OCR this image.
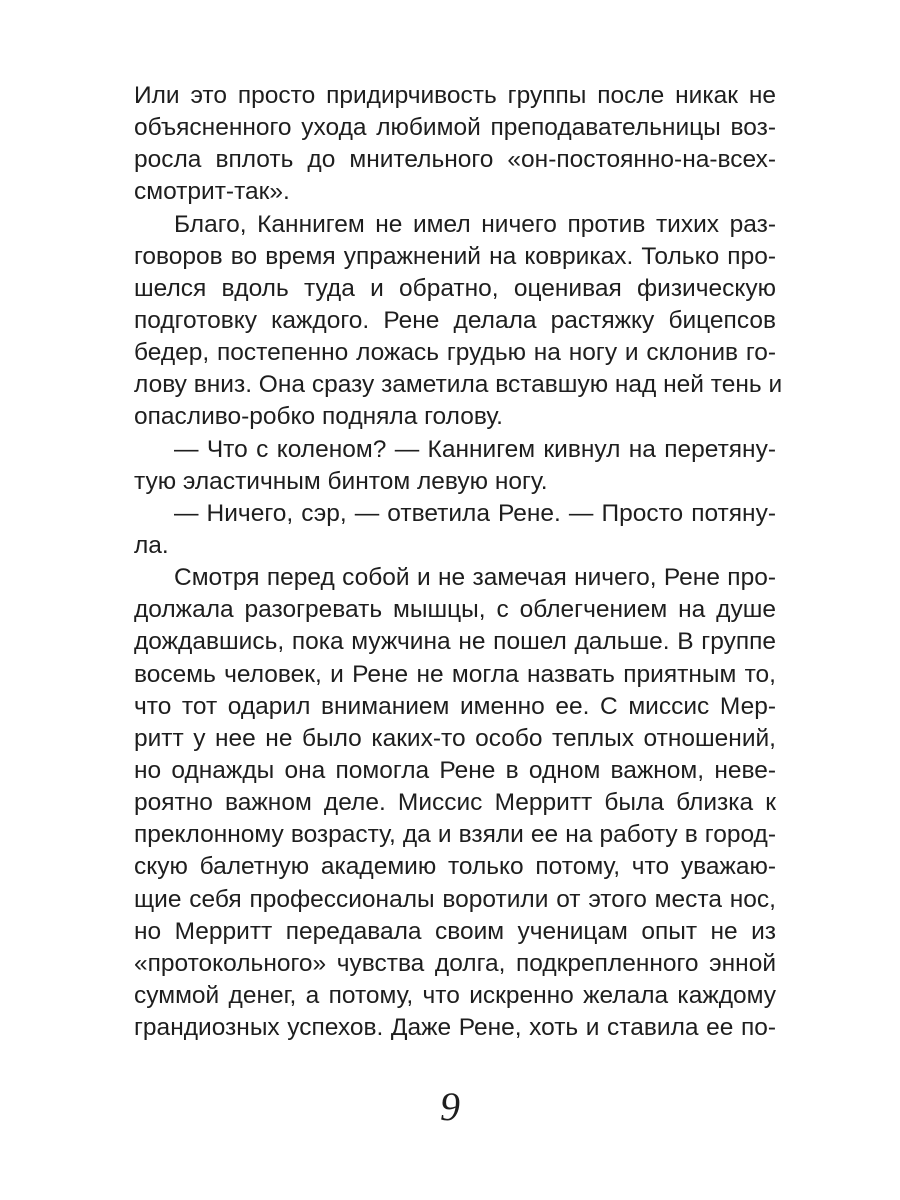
Или это просто придирчивость группы после никак не
объясненного ухода любимой преподавательницы воз-
росла вплоть до мнительного «он-постоянно-на-всех-
смотрит-так».
Благо, Каннигем не имел ничего против тихих раз-
говоров во время упражнений на ковриках. Только про-
шелся вдоль туда и обратно, оценивая физическую
подготовку каждого. Рене делала растяжку бицепсов
бедер, постепенно ложась грудью на ногу и склонив го-
лову вниз. Она сразу заметила вставшую над ней тень и
опасливо-робко подняла голову.
— Что с коленом? — Каннигем кивнул на перетяну-
тую эластичным бинтом левую ногу.
— Ничего, сэр, — ответила Рене. — Просто потяну-
ла.
Смотря перед собой и не замечая ничего, Рене про-
должала разогревать мышцы, с облегчением на душе
дождавшись, пока мужчина не пошел дальше. В группе
восемь человек, и Рене не могла назвать приятным то,
что тот одарил вниманием именно ее. С миссис Мер-
ритт у нее не было каких-то особо теплых отношений,
но однажды она помогла Рене в одном важном, неве-
роятно важном деле. Миссис Мерритт была близка к
преклонному возрасту, да и взяли ее на работу в город-
скую балетную академию только потому, что уважаю-
щие себя профессионалы воротили от этого места нос,
но Мерритт передавала своим ученицам опыт не из
«протокольного» чувства долга, подкрепленного энной
суммой денег, а потому, что искренно желала каждому
грандиозных успехов. Даже Рене, хоть и ставила ее по-
9
